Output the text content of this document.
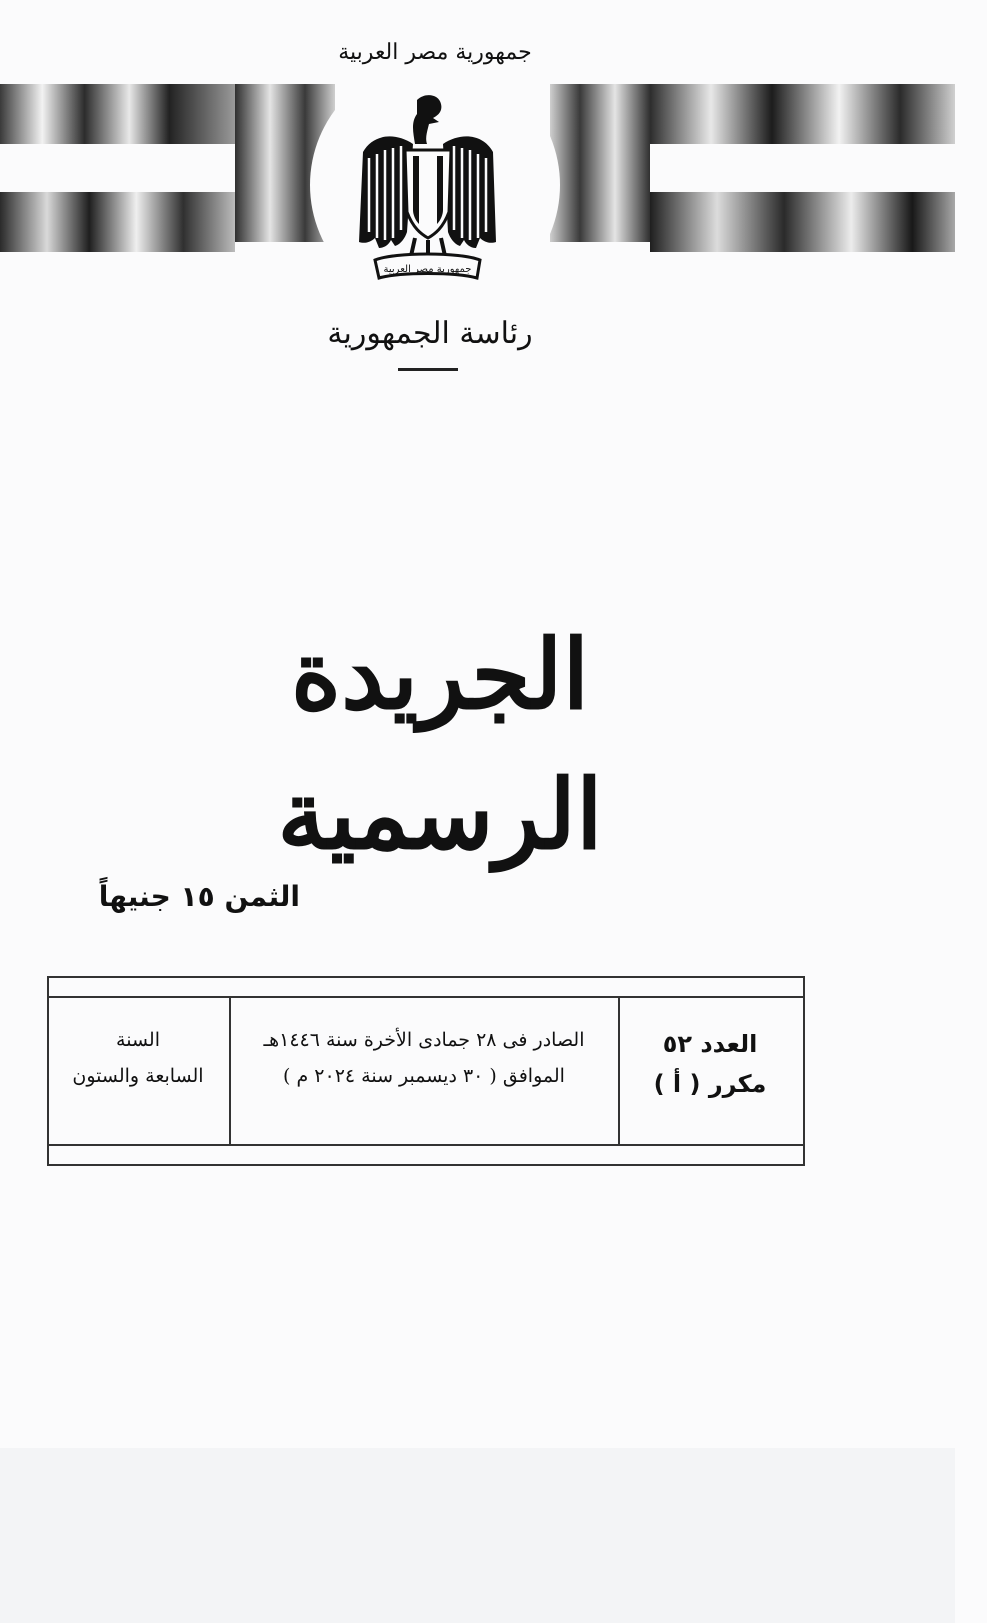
جمهورية مصر العربية
جمهورية مصر العربية
رئاسة الجمهورية
الجريدة الرسمية
الثمن ١٥ جنيهاً
العدد ٥٢
مكرر ( أ )
الصادر فى ٢٨ جمادى الأخرة سنة ١٤٤٦هـ
الموافق ( ٣٠ ديسمبر سنة ٢٠٢٤ م )
السنة
السابعة والستون
